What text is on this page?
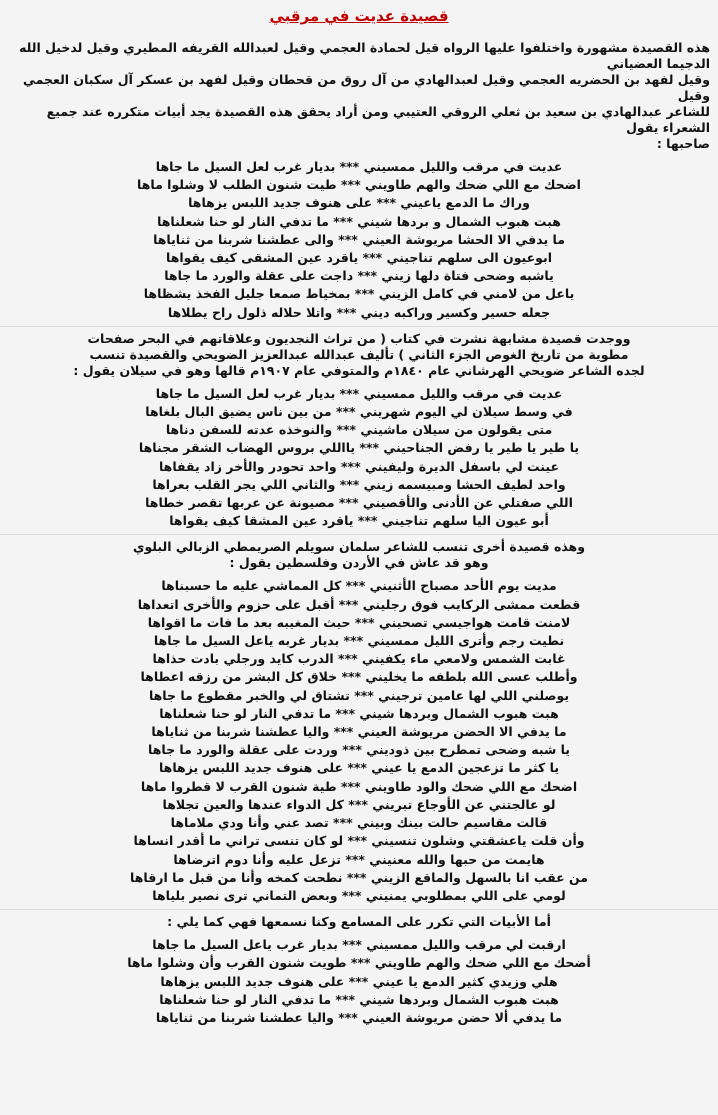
قصيدة عديت في مرقبي
هذه القصيدة مشهورة واختلفوا عليها الرواه قيل لحمادة العجمي وقيل لعبدالله القريفه المطيري وقيل لدخيل الله الدجيما العضياني
وقيل لفهد بن الحضريه العجمي وقيل لعبدالهادي من آل روق من قحطان وقيل لفهد بن عسكر آل سكبان العجمي وقيل
للشاعر عبدالهادي بن سعيد بن ثعلي الروقي العتيبي ومن أراد يحقق هذه القصيدة يجد أبيات متكرره عند جميع الشعراء يقول
صاحبها :
عديت في مرقب والليل ممسيني *** بديار غرب لعل السيل ما جاها
اضحك مع اللي ضحك والهم طاويني *** طيت شنون الطلب لا وشلوا ماها
وراك ما الدمع ياعيني *** على هنوف جديد اللبس يزهاها
هبت هبوب الشمال و بردها شيني *** ما تدفي النار لو حنا شعلناها
ما يدفي الا الحشا مريوشة العيني *** والى عطشنا شربنا من ثناياها
ابوعيون الى سلهم تناجيني *** ياقرد عين المشقى كيف يقواها
ياشبه وضحى فتاة دلها زيني *** داجت على عقلة والورد ما جاها
ياعل من لامني في كامل الزيني *** بمخياط صمعا جليل الفخذ يشظاها
جعله حسير وكسير وراكبه ديني *** واتلا حلاله ذلول راح يطلاها
ووجدت قصيدة مشابهة نشرت في كتاب ( من تراث النجديون وعلاقاتهم في البحر صفحات
مطوية من تاريخ الغوص الجزء الثاني ) تأليف عبدالله عبدالعزيز الضويحي والقصيدة تنسب
لجده الشاعر ضويحي الهرشاني عام ١٨٤٠م والمتوفي عام ١٩٠٧م قالها وهو في سيلان يقول :
عديت في مرقب والليل ممسيني *** بديار غرب لعل السيل ما جاها
في وسط سيلان لي اليوم شهريني *** من بين ناس يضيق البال بلغاها
متى يقولون من سيلان ماشيني *** والنوخذه عدته للسفن دناها
يا طير يا طير يا رفض الجناحيني *** يااللي بروس الهضاب الشقر مجناها
عينت لي باسفل الديرة وليفيني *** واحد تحودر والأخر زاد يقفاها
واحد لطيف الحشا ومبيسمه زيني *** والثاني اللي يجر القلب بعراها
اللي صفتلي عن الأدنى والأقصيني *** مصيونة عن عربها تقصر خطاها
أبو عيون اليا سلهم تناجيني *** ياقرد عين المشقا كيف يقواها
وهذه قصيدة أخرى تنسب للشاعر سلمان سويلم الصريمطي الزبالي البلوي
وهو قد عاش في الأردن وفلسطين يقول :
مديت يوم الأحد مصباح الأثنيني *** كل المماشي عليه ما حسبناها
قطعت ممشى الركايب فوق رجليني *** أقبل على حزوم والأخرى اتعداها
لامنت قامت هواجيسي تصحيني *** حيث المغيبه بعد ما فات ما اقواها
نطيت رجم وأترى الليل ممسيني *** بديار غربه ياعل السيل ما جاها
غابت الشمس ولامعي ماء يكفيني *** الدرب كايد ورجلي بادت حذاها
وأطلب عسى الله بلطفه ما يخليني *** خلاق كل البشر من رزقه اعطاها
يوصلني اللي لها عامين ترجيني *** تشتاق لي والخبر مقطوع ما جاها
هبت هبوب الشمال وبردها شيني *** ما تدفي النار لو حنا شعلناها
ما يدفي الا الحضن مريوشة العيني *** واليا عطشنا شربنا من ثناياها
يا شبه وضحى تمطرح بين ذوديني *** وردت على عقلة والورد ما جاها
يا كثر ما تزعجين الدمع يا عيني *** على هنوف جديد اللبس يزهاها
اضحك مع اللي ضحك والود طاويني *** طية شنون القرب لا قطروا ماها
لو عالجتني عن الأوجاع تبريني *** كل الدواء عندها والعين تجلاها
قالت مقاسيم حالت بينك وبيني *** تصد عني وأنا ودي ملاماها
وأن قلت ياعشقتي وشلون تنسيني *** لو كان تنسى تراني ما أقدر انساها
هايمت من حبها والله معنيني *** تزعل عليه وأنا دوم اترضاها
من عقب انا بالسهل والماقع الزيني *** نطحت كمخه وأنا من قبل ما ارقاها
لومي على اللي بمطلوبي يمنيني *** وبعض التماني ترى نصير بلياها
أما الأبيات التي تكرر على المسامع وكنا نسمعها فهي كما يلي :
ارقبت لي مرقب والليل ممسيني *** بديار غرب ياعل السيل ما جاها
أضحك مع اللي ضحك والهم طاويني *** طويت شنون القرب وأن وشلوا ماها
هلي وزيدي كثير الدمع يا عيني *** على هنوف جديد اللبس يزهاها
هبت هبوب الشمال وبردها شيني *** ما تدفي النار لو حنا شعلناها
ما يدفي ألا حضن مريوشة العيني *** واليا عطشنا شربنا من ثناياها
